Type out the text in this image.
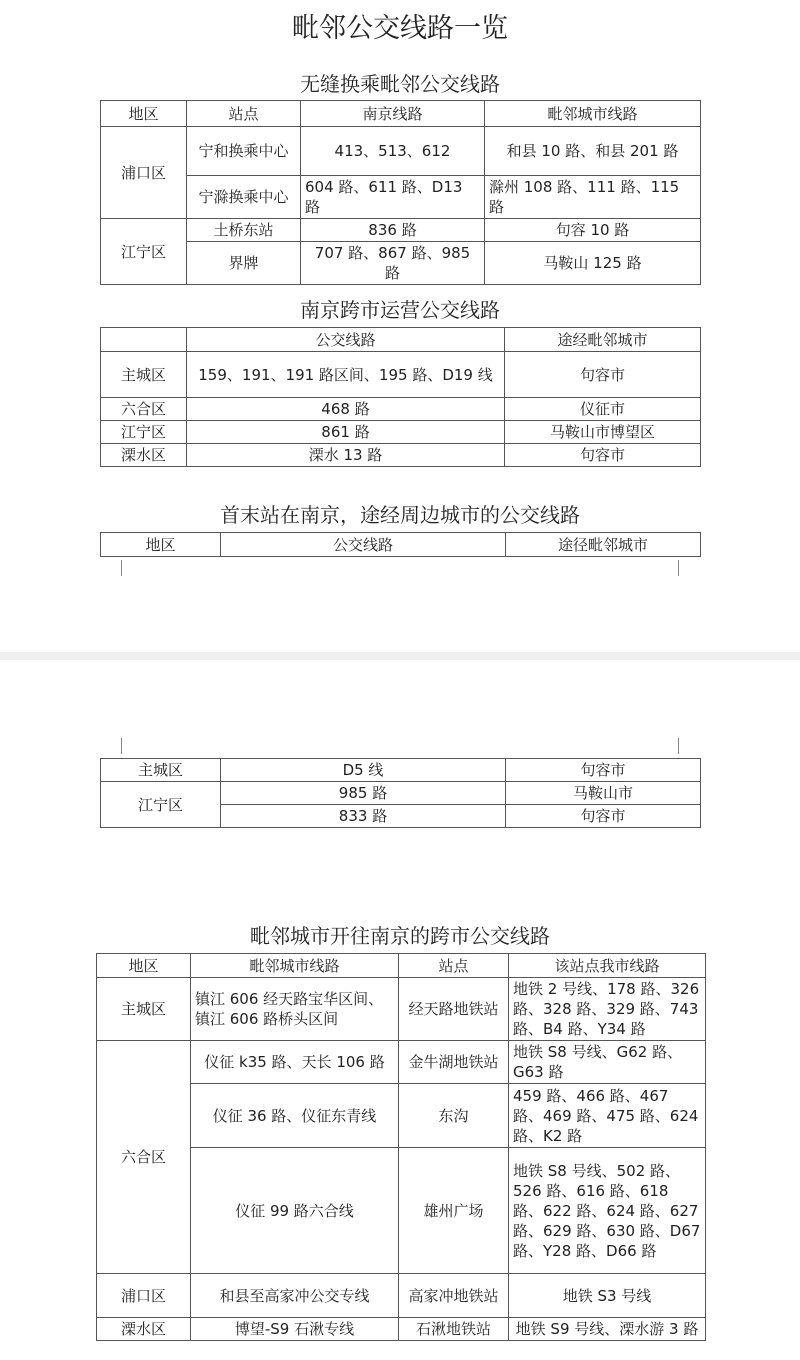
毗邻公交线路一览
无缝换乘毗邻公交线路
地区	站点	南京线路	毗邻城市线路
浦口区	宁和换乘中心	413、513、612	和县 10 路、和县 201 路
	宁滁换乘中心	604 路、611 路、D13 路	滁州 108 路、111 路、115 路
江宁区	土桥东站	836 路	句容 10 路
	界牌	707 路、867 路、985 路	马鞍山 125 路
南京跨市运营公交线路
	公交线路	途经毗邻城市
主城区	159、191、191 路区间、195 路、D19 线	句容市
六合区	468 路	仪征市
江宁区	861 路	马鞍山市博望区
溧水区	溧水 13 路	句容市
首末站在南京，途经周边城市的公交线路
地区	公交线路	途径毗邻城市
主城区	D5 线	句容市
江宁区	985 路	马鞍山市
	833 路	句容市
毗邻城市开往南京的跨市公交线路
地区	毗邻城市线路	站点	该站点我市线路
主城区	镇江 606 经天路宝华区间、镇江 606 路桥头区间	经天路地铁站	地铁 2 号线、178 路、326 路、328 路、329 路、743 路、B4 路、Y34 路
六合区	仪征 k35 路、天长 106 路	金牛湖地铁站	地铁 S8 号线、G62 路、G63 路
	仪征 36 路、仪征东青线	东沟	459 路、466 路、467 路、469 路、475 路、624 路、K2 路
	仪征 99 路六合线	雄州广场	地铁 S8 号线、502 路、526 路、616 路、618 路、622 路、624 路、627 路、629 路、630 路、D67 路、Y28 路、D66 路
浦口区	和县至高家冲公交专线	高家冲地铁站	地铁 S3 号线
溧水区	博望-S9 石湫专线	石湫地铁站	地铁 S9 号线、溧水游 3 路
